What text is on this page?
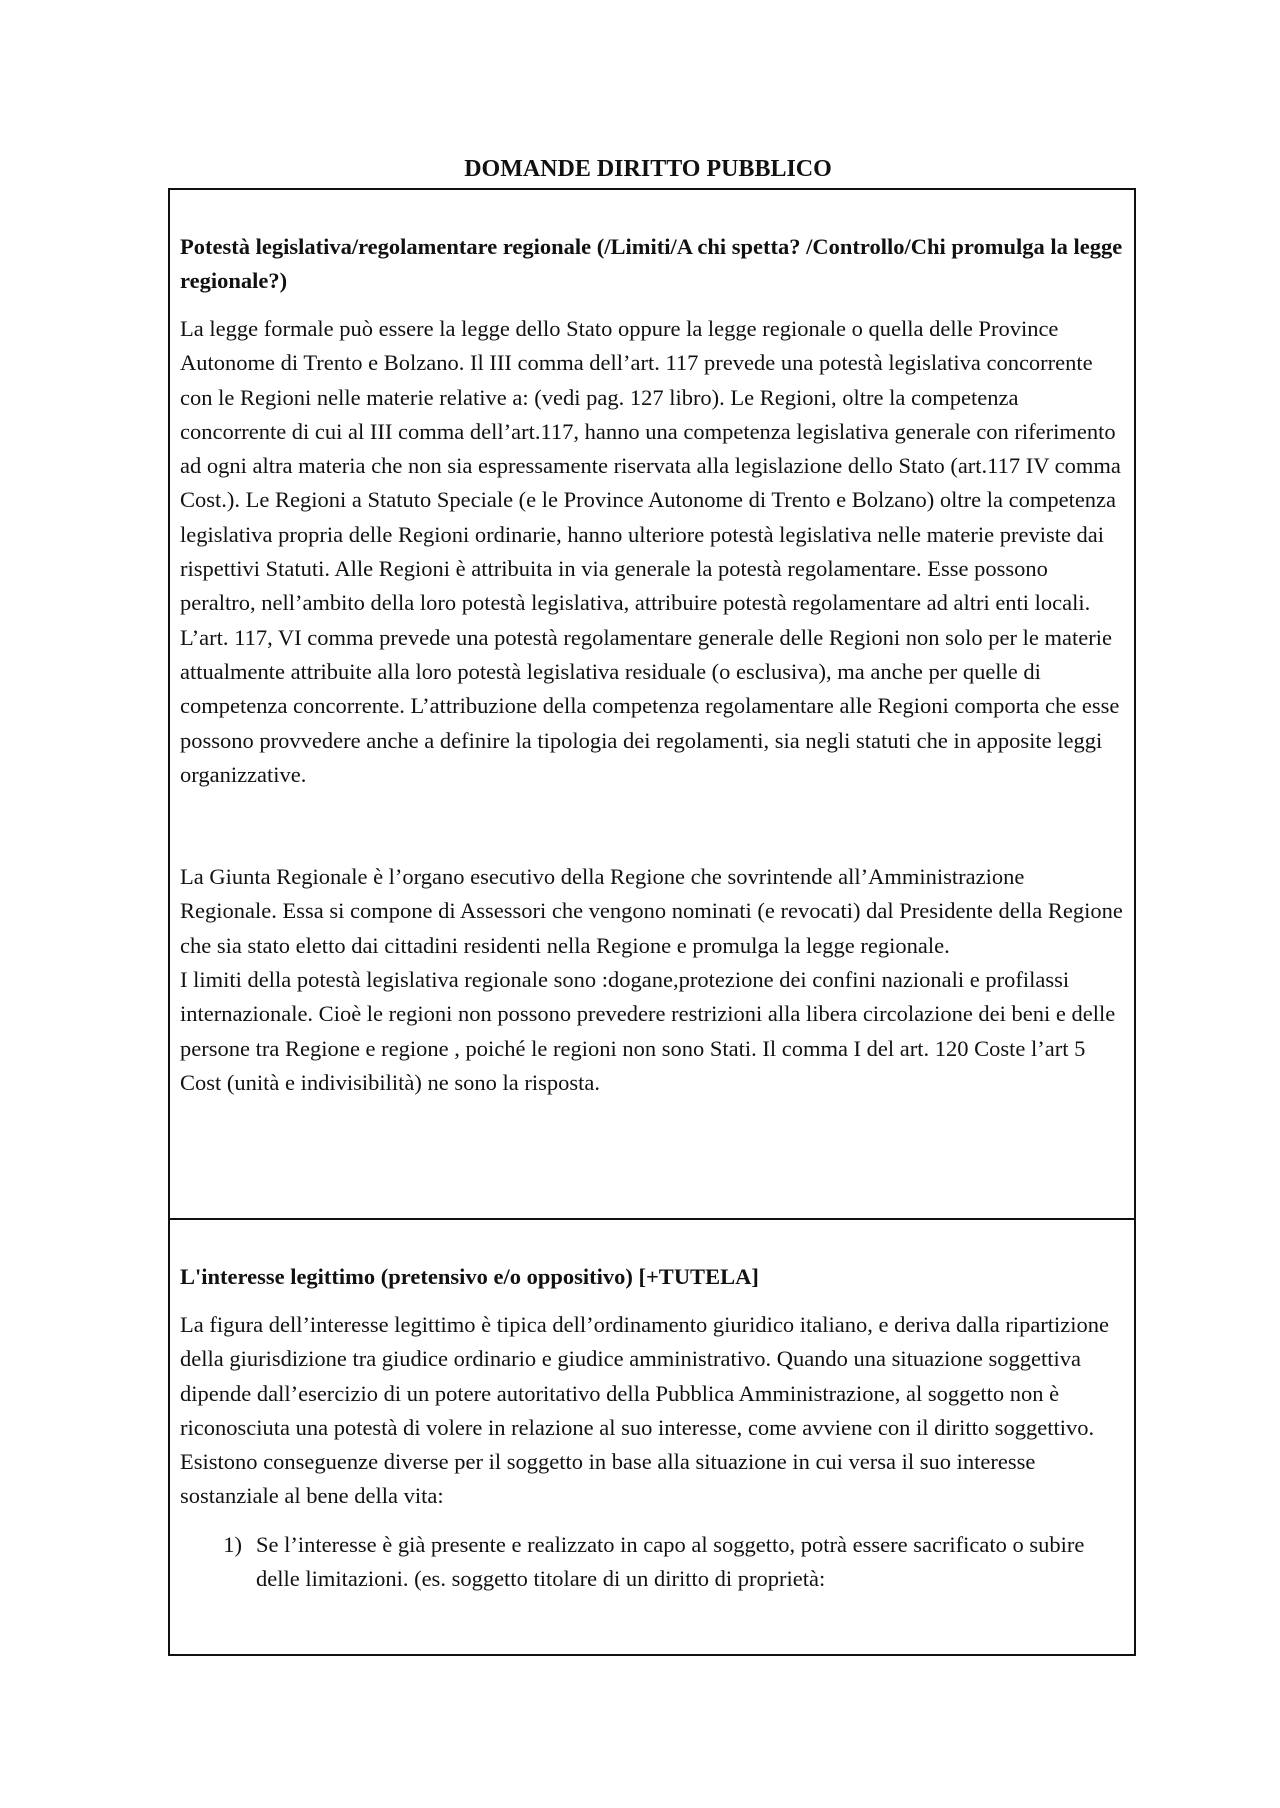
DOMANDE DIRITTO PUBBLICO

Potestà legislativa/regolamentare regionale (/Limiti/A chi spetta? /Controllo/Chi promulga la legge regionale?)

La legge formale può essere la legge dello Stato oppure la legge regionale o quella delle Province Autonome di Trento e Bolzano. Il III comma dell’art. 117 prevede una potestà legislativa concorrente con le Regioni nelle materie relative a: (vedi pag. 127 libro). Le Regioni, oltre la competenza concorrente di cui al III comma dell’art.117, hanno una competenza legislativa generale con riferimento ad ogni altra materia che non sia espressamente riservata alla legislazione dello Stato (art.117 IV comma Cost.). Le Regioni a Statuto Speciale (e le Province Autonome di Trento e Bolzano) oltre la competenza legislativa propria delle Regioni ordinarie, hanno ulteriore potestà legislativa nelle materie previste dai rispettivi Statuti. Alle Regioni è attribuita in via generale la potestà regolamentare. Esse possono peraltro, nell’ambito della loro potestà legislativa, attribuire potestà regolamentare ad altri enti locali. L’art. 117, VI comma prevede una potestà regolamentare generale delle Regioni non solo per le materie attualmente attribuite alla loro potestà legislativa residuale (o esclusiva), ma anche per quelle di competenza concorrente. L’attribuzione della competenza regolamentare alle Regioni comporta che esse possono provvedere anche a definire la tipologia dei regolamenti, sia negli statuti che in apposite leggi organizzative.

La Giunta Regionale è l’organo esecutivo della Regione che sovrintende all’Amministrazione Regionale. Essa si compone di Assessori che vengono nominati (e revocati) dal Presidente della Regione che sia stato eletto dai cittadini residenti nella Regione e promulga la legge regionale.

I limiti della potestà legislativa regionale sono :dogane,protezione dei confini nazionali e profilassi internazionale. Cioè le regioni non possono prevedere restrizioni alla libera circolazione dei beni e delle persone tra Regione e regione , poiché le regioni non sono Stati. Il comma I del art. 120 Coste l’art 5 Cost (unità e indivisibilità) ne sono la risposta.

L'interesse legittimo (pretensivo e/o oppositivo) [+TUTELA]

La figura dell’interesse legittimo è tipica dell’ordinamento giuridico italiano, e deriva dalla ripartizione della giurisdizione tra giudice ordinario e giudice amministrativo. Quando una situazione soggettiva dipende dall’esercizio di un potere autoritativo della Pubblica Amministrazione, al soggetto non è riconosciuta una potestà di volere in relazione al suo interesse, come avviene con il diritto soggettivo. Esistono conseguenze diverse per il soggetto in base alla situazione in cui versa il suo interesse sostanziale al bene della vita:

1) Se l’interesse è già presente e realizzato in capo al soggetto, potrà essere sacrificato o subire delle limitazioni. (es. soggetto titolare di un diritto di proprietà:
